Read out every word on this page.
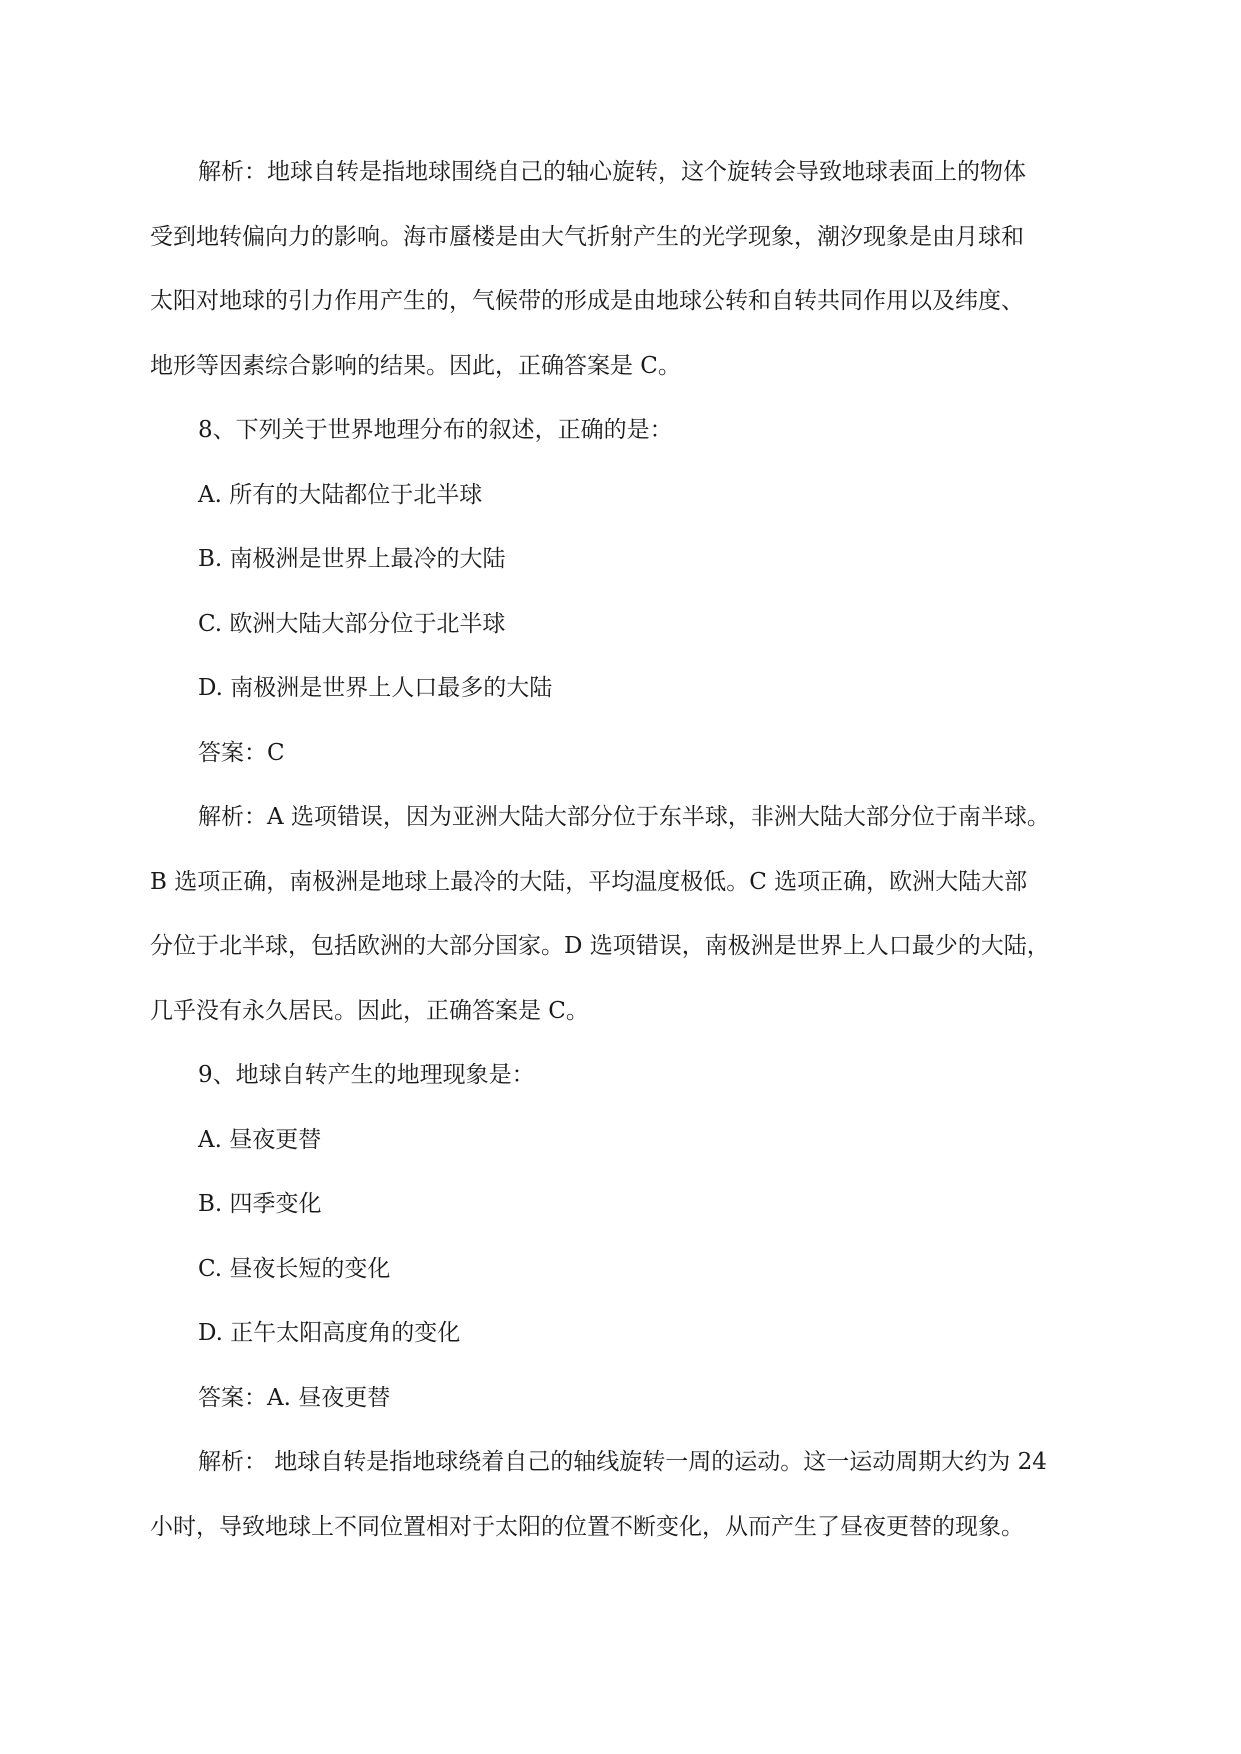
解析：地球自转是指地球围绕自己的轴心旋转，这个旋转会导致地球表面上的物体
受到地转偏向力的影响。海市蜃楼是由大气折射产生的光学现象，潮汐现象是由月球和
太阳对地球的引力作用产生的，气候带的形成是由地球公转和自转共同作用以及纬度、
地形等因素综合影响的结果。因此，正确答案是 C。
8、下列关于世界地理分布的叙述，正确的是：
A. 所有的大陆都位于北半球
B. 南极洲是世界上最冷的大陆
C. 欧洲大陆大部分位于北半球
D. 南极洲是世界上人口最多的大陆
答案：C
解析：A 选项错误，因为亚洲大陆大部分位于东半球，非洲大陆大部分位于南半球。
B 选项正确，南极洲是地球上最冷的大陆，平均温度极低。C 选项正确，欧洲大陆大部
分位于北半球，包括欧洲的大部分国家。D 选项错误，南极洲是世界上人口最少的大陆，
几乎没有永久居民。因此，正确答案是 C。
9、地球自转产生的地理现象是：
A. 昼夜更替
B. 四季变化
C. 昼夜长短的变化
D. 正午太阳高度角的变化
答案：A. 昼夜更替
解析： 地球自转是指地球绕着自己的轴线旋转一周的运动。这一运动周期大约为 24
小时，导致地球上不同位置相对于太阳的位置不断变化，从而产生了昼夜更替的现象。
